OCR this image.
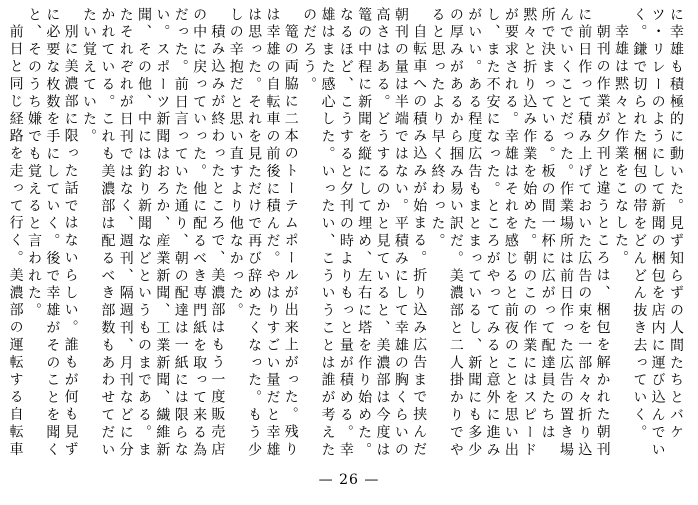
に幸雄も積極的に動いた。見ず知らずの人間たちとバケ
ツ・リレーのようにして新聞の梱包を店内に運び込んでい
く。鎌で切られた梱包の帯をどんどん抜き去っていく。
幸雄は黙々と作業をこなした。
朝刊の作業が夕刊と違うところは、梱包を解かれた朝刊
に前日作って積み上げておいた広告の束を一部々々折り込
んでいくことだった。作業場所は前日作った広告の置き場
所で決まっている。板の間一杯に広がって配達員たちは
黙々と折り込み作業を始めた。朝のこの作業にはスピード
が要求される。幸雄はそれを感じると前夜のことを思い出
し、また不安になった。ところがやってみると意外に進み
がいい。ある程度広告もまとまっているし、新聞にも多少
の厚みがあるから掴み易い訳だ。美濃部と二人掛かりでや
ると思ったより早く終わった。
自転車への積み込みが始まる。折り込み広告まで挟んだ
朝刊の量は半端ではない。平積みにして幸雄の胸くらいの
高さはある。どうするのかと見ていると、美濃部は今度は
篭の中程に新聞を縦にして埋め、左右に塔を作り始めた。
なるほど、こうすると夕刊の時よりもっと量が積める。幸
雄はまた感心した。いったい、こういうことは誰が考えた
のだろう。
篭の両脇に二本のトーテムポールが出来上がった。残り
は幸雄の自転車の前後に積んだ。やはりすごい量だと幸雄
は思った。それを見ただけで再び辞めたくなった。もう少
しの辛抱だと思い直すより他なかった。
積み込みが終わったところで、美濃部はもう一度販売店
の中に戻っていった。他に配るべき専門紙を取って来る為
だった。前日言っていた通り、朝の配達は一紙には限らな
い。スポーツ新聞はおろか、産業新聞、工業新聞、繊維新
聞、その他、中には釣り新聞などというものまである。ま
たそれぞれが日刊ではなく、週刊、隔週刊、月刊などに分
かれている。これも美濃部は配るべき部数もあわせてだい
たい覚えていた。
別に美濃部に限った話ではないらしい。誰もが何も見ず
に必要な枚数を手にしていく。後で幸雄がそのことを聞く
と、そのうち嫌でも覚えると言われた。
前日と同じ経路を走って行く。美濃部の運転する自転車
— 26 —
